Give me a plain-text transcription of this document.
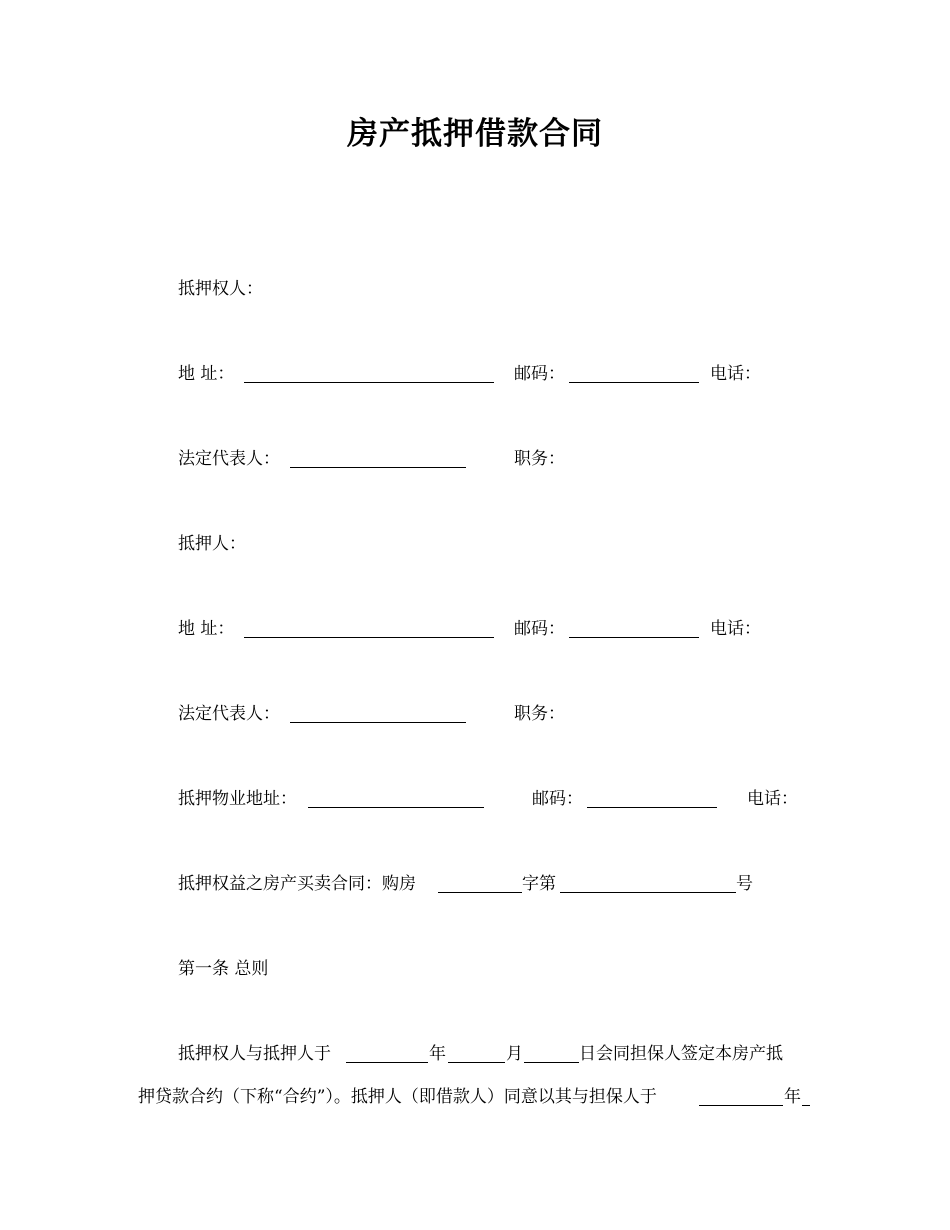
房产抵押借款合同
抵押权人：
地 址：	邮码：	电话：
法定代表人：	职务：
抵押人：
地 址：	邮码：	电话：
法定代表人：	职务：
抵押物业地址：	邮码：	电话：
抵押权益之房产买卖合同：购房	字第	号
第一条 总则
抵押权人与抵押人于	年	月	日会同担保人签定本房产抵
押贷款合约（下称“合约”）。抵押人（即借款人）同意以其与担保人于	年
